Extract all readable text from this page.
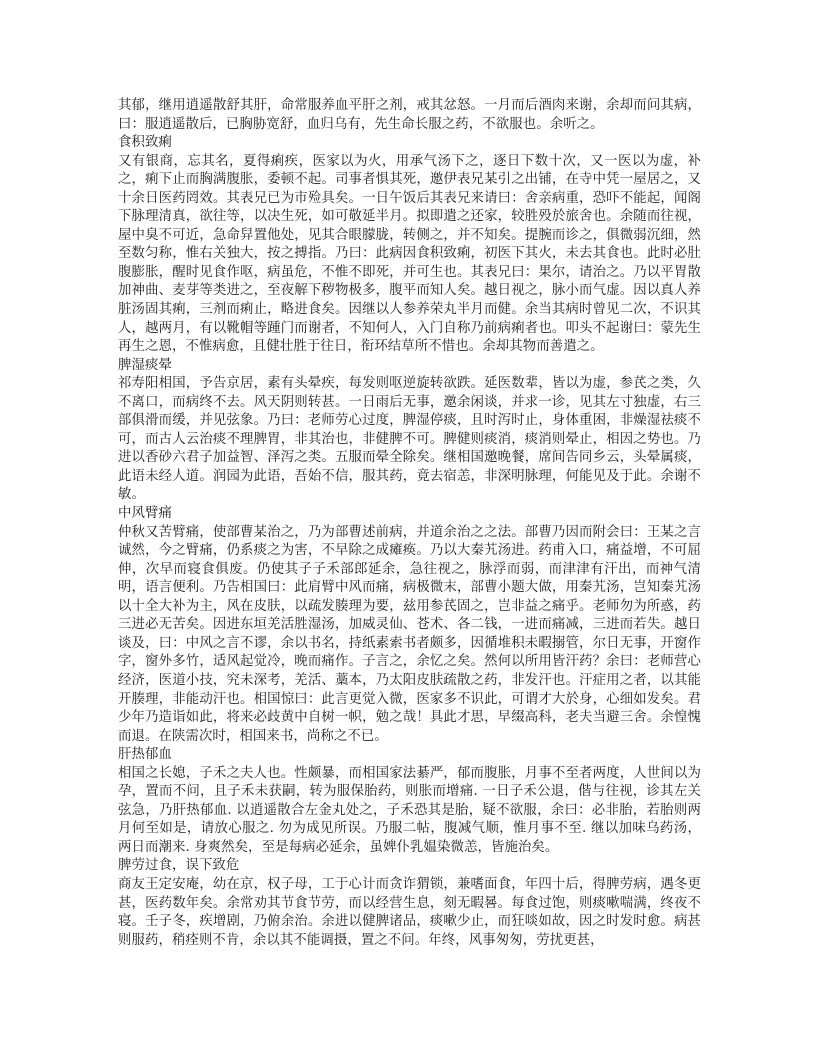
其郁，继用逍遥散舒其肝，命常服养血平肝之剂，戒其忿怒。一月而后酒肉来谢，余却而问其病，曰：服逍遥散后，已胸胁宽舒，血归乌有，先生命长服之药，不欲服也。余听之。

食积致痢

又有银商，忘其名，夏得痢疾，医家以为火，用承气汤下之，逐日下数十次，又一医以为虚，补之，痢下止而胸满腹胀，委顿不起。司事者惧其死，邀伊表兄某引之出铺，在寺中凭一屋居之，又十余日医药罔效。其表兄已为市殓具矣。一日午饭后其表兄来请曰：舍亲病重，恐吓不能起，闻阁下脉理清真，欲往等，以决生死，如可敬延半月。拟即遣之还家，较胜殁於旅舍也。余随而往视，屋中臭不可近，急命舁置他处，见其合眼朦胧，转侧之，并不知矣。提腕而诊之，俱微弱沉细，然至数匀称，惟右关独大，按之搏指。乃曰：此病因食积致痢，初医下其火，未去其食也。此时必肚腹膨胀，醒时见食作呕，病虽危，不惟不即死，并可生也。其表兄曰：果尔，请治之。乃以平胃散加神曲、麦芽等类进之，至夜解下秽物极多，腹平而知人矣。越日视之，脉小而气虚。因以真人养脏汤固其痢，三剂而痢止，略进食矣。因继以人参养荣丸半月而健。余当其病时曾见二次，不识其人，越两月，有以靴帽等踵门而谢者，不知何人，入门自称乃前病痢者也。叩头不起谢曰：蒙先生再生之恩，不惟病愈，且健壮胜于往日，衔环结草所不惜也。余却其物而善遣之。

脾湿痰晕

祁寿阳相国，予告京居，素有头晕疾，每发则呕逆旋转欲跌。延医数辈，皆以为虚，参芪之类，久不离口，而病终不去。风天阴则转甚。一日雨后无事，邀余闲谈，并求一诊，见其左寸独虚，右三部俱滑而缓，并见弦象。乃曰：老师劳心过度，脾湿停痰，且时泻时止，身体重困，非燥湿祛痰不可，而古人云治痰不理脾胃，非其治也，非健脾不可。脾健则痰消，痰消则晕止，相因之势也。乃进以香砂六君子加益智、泽泻之类。五服而晕全除矣。继相国邀晚餐，席间告同乡云，头晕属痰，此语未经人道。润园为此语，吾始不信，服其药，竟去宿恙，非深明脉理，何能见及于此。余谢不敏。

中风臂痛

仲秋又苦臂痛，使部曹某治之，乃为部曹述前病，并道余治之之法。部曹乃因而附会曰：王某之言诚然，今之臂痛，仍系痰之为害，不早除之成瘫痪。乃以大秦艽汤进。药甫入口，痛益增，不可屈伸，次早而寝食俱废。仍使其子子禾部郎延余，急往视之，脉浮而弱，而津津有汗出，而神气清明，语言便利。乃告相国曰：此肩臂中风而痛，病极微末，部曹小题大做，用秦艽汤，岂知秦艽汤以十全大补为主，风在皮肤，以疏发腠理为要，兹用参芪固之，岂非益之痛乎。老师勿为所惑，药三进必无苦矣。因进东垣羌活胜湿汤，加威灵仙、苍术、各二钱，一进而痛减，三进而若失。越日谈及，曰：中风之言不谬，余以书名，持纸素索书者颇多，因循堆积未暇搦管，尔日无事，开窗作字，窗外多竹，适风起觉冷，晚而痛作。子言之，余忆之矣。然何以所用皆汗药？余曰：老师营心经济，医道小技，究未深考，羌活、藁本，乃太阳皮肤疏散之药，非发汗也。汗症用之者，以其能开腠理，非能动汗也。相国惊曰：此言更觉入微，医家多不识此，可谓才大於身，心细如发矣。君少年乃造诣如此，将来必歧黄中自树一帜，勉之哉！具此才思，早缀高科，老夫当避三舍。余惶愧而退。在陕需次时，相国来书，尚称之不已。

肝热郁血

相国之长媳，子禾之夫人也。性颇暴，而相国家法綦严，郁而腹胀，月事不至者两度，人世间以为孕，置而不问，且子禾未获嗣，转为服保胎药，则胀而增痛. 一日子禾公退，偕与往视，诊其左关弦急，乃肝热郁血. 以逍遥散合左金丸处之，子禾恐其是胎，疑不欲服，余曰：必非胎，若胎则两月何至如是，请放心服之. 勿为成见所误。乃服二帖，腹减气顺，惟月事不至. 继以加味乌药汤，两日而潮来. 身爽然矣，至是每病必延余，虽婢仆乳媪染微恙，皆施治矣。

脾劳过食，误下致危

商友王定安庵，幼在京，权子母，工于心计而贪诈猬锁，兼嗜面食，年四十后，得脾劳病，遇冬更甚，医药数年矣。余常劝其节食节劳，而以经营生息，刻无暇晷。每食过饱，则痰嗽喘满，终夜不寝。壬子冬，疾增剧，乃俯余治。余进以健脾诸品，痰嗽少止，而狂啖如故，因之时发时愈。病甚则服药，稍痊则不肯，余以其不能调摄，置之不问。年终，风事匆匆，劳扰更甚，
